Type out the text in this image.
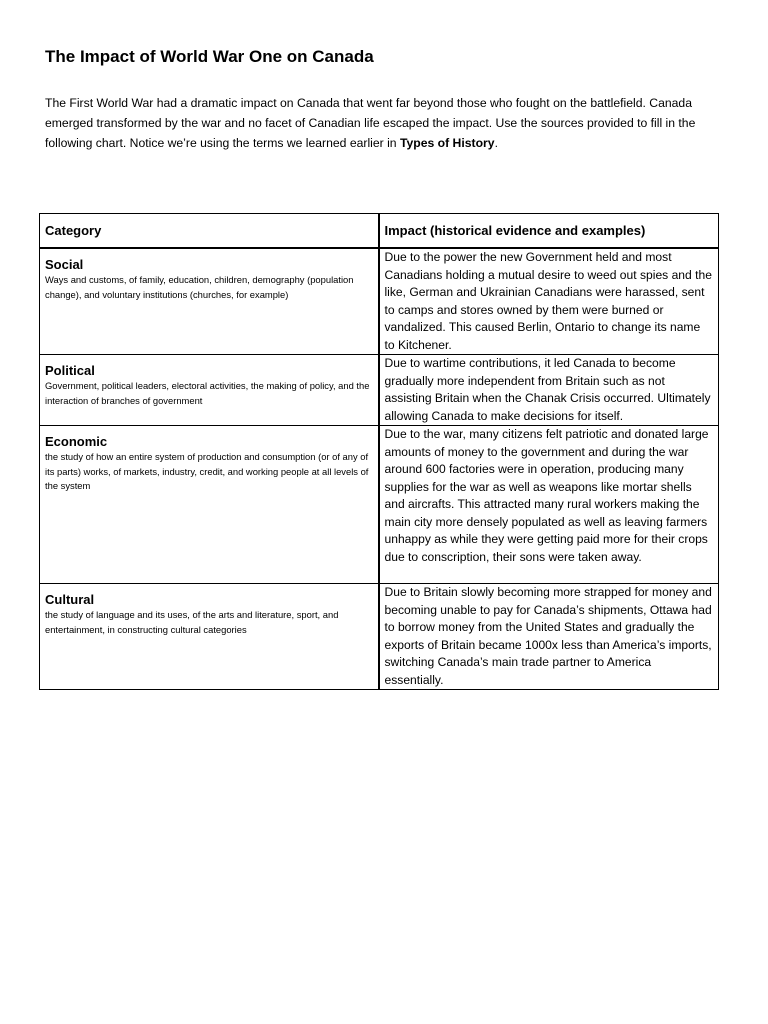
The Impact of World War One on Canada

The First World War had a dramatic impact on Canada that went far beyond those who fought on the battlefield. Canada emerged transformed by the war and no facet of Canadian life escaped the impact. Use the sources provided to fill in the following chart. Notice we’re using the terms we learned earlier in Types of History.

Category	Impact (historical evidence and examples)

Social
Ways and customs, of family, education, children, demography (population change), and voluntary institutions (churches, for example)	Due to the power the new Government held and most Canadians holding a mutual desire to weed out spies and the like, German and Ukrainian Canadians were harassed, sent to camps and stores owned by them were burned or vandalized. This caused Berlin, Ontario to change its name to Kitchener.

Political
Government, political leaders, electoral activities, the making of policy, and the interaction of branches of government	Due to wartime contributions, it led Canada to become gradually more independent from Britain such as not assisting Britain when the Chanak Crisis occurred. Ultimately allowing Canada to make decisions for itself.

Economic
the study of how an entire system of production and consumption (or of any of its parts) works, of markets, industry, credit, and working people at all levels of the system	Due to the war, many citizens felt patriotic and donated large amounts of money to the government and during the war around 600 factories were in operation, producing many supplies for the war as well as weapons like mortar shells and aircrafts. This attracted many rural workers making the main city more densely populated as well as leaving farmers unhappy as while they were getting paid more for their crops due to conscription, their sons were taken away.

Cultural
the study of language and its uses, of the arts and literature, sport, and entertainment, in constructing cultural categories	Due to Britain slowly becoming more strapped for money and becoming unable to pay for Canada’s shipments, Ottawa had to borrow money from the United States and gradually the exports of Britain became 1000x less than America’s imports, switching Canada’s main trade partner to America essentially.
